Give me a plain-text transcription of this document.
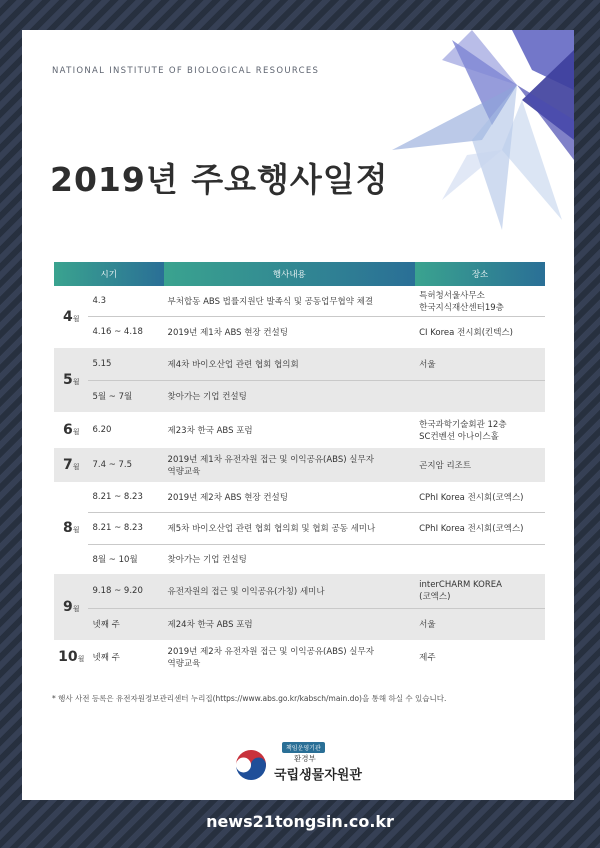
NATIONAL INSTITUTE OF BIOLOGICAL RESOURCES
2019년 주요행사일정
시기		행사내용	장소
4월	4.3	부처합동 ABS 법률지원단 발족식 및 공동업무협약 체결	특허청서울사무소
한국지식재산센터19층

	4.16 ~ 4.18	2019년 제1차 ABS 현장 컨설팅	CI Korea 전시회(킨텍스)
5월	5.15	제4차 바이오산업 관련 협회 협의회	서울
	5월 ~ 7월	찾아가는 기업 컨설팅	
6월	6.20	제23차 한국 ABS 포럼	한국과학기술회관 12층
SC컨벤션 아나이스홀

7월	7.4 ~ 7.5	2019년 제1차 유전자원 접근 및 이익공유(ABS) 실무자
역량교육	곤지암 리조트
8월	8.21 ~ 8.23	2019년 제2차 ABS 현장 컨설팅	CPhI Korea 전시회(코엑스)
	8.21 ~ 8.23	제5차 바이오산업 관련 협회 협의회 및 협회 공동 세미나	CPhI Korea 전시회(코엑스)
	8월 ~ 10월	찾아가는 기업 컨설팅	
9월	9.18 ~ 9.20	유전자원의 접근 및 이익공유(가칭) 세미나	interCHARM KOREA
(코엑스)

	넷째 주	제24차 한국 ABS 포럼	서울
10월	넷째 주	2019년 제2차 유전자원 접근 및 이익공유(ABS) 실무자
역량교육	제주
* 행사 사전 등록은 유전자원정보관리센터 누리집(https://www.abs.go.kr/kabsch/main.do)을 통해 하실 수 있습니다.
책임운영기관
환경부
국립생물자원관
news21tongsin.co.kr
